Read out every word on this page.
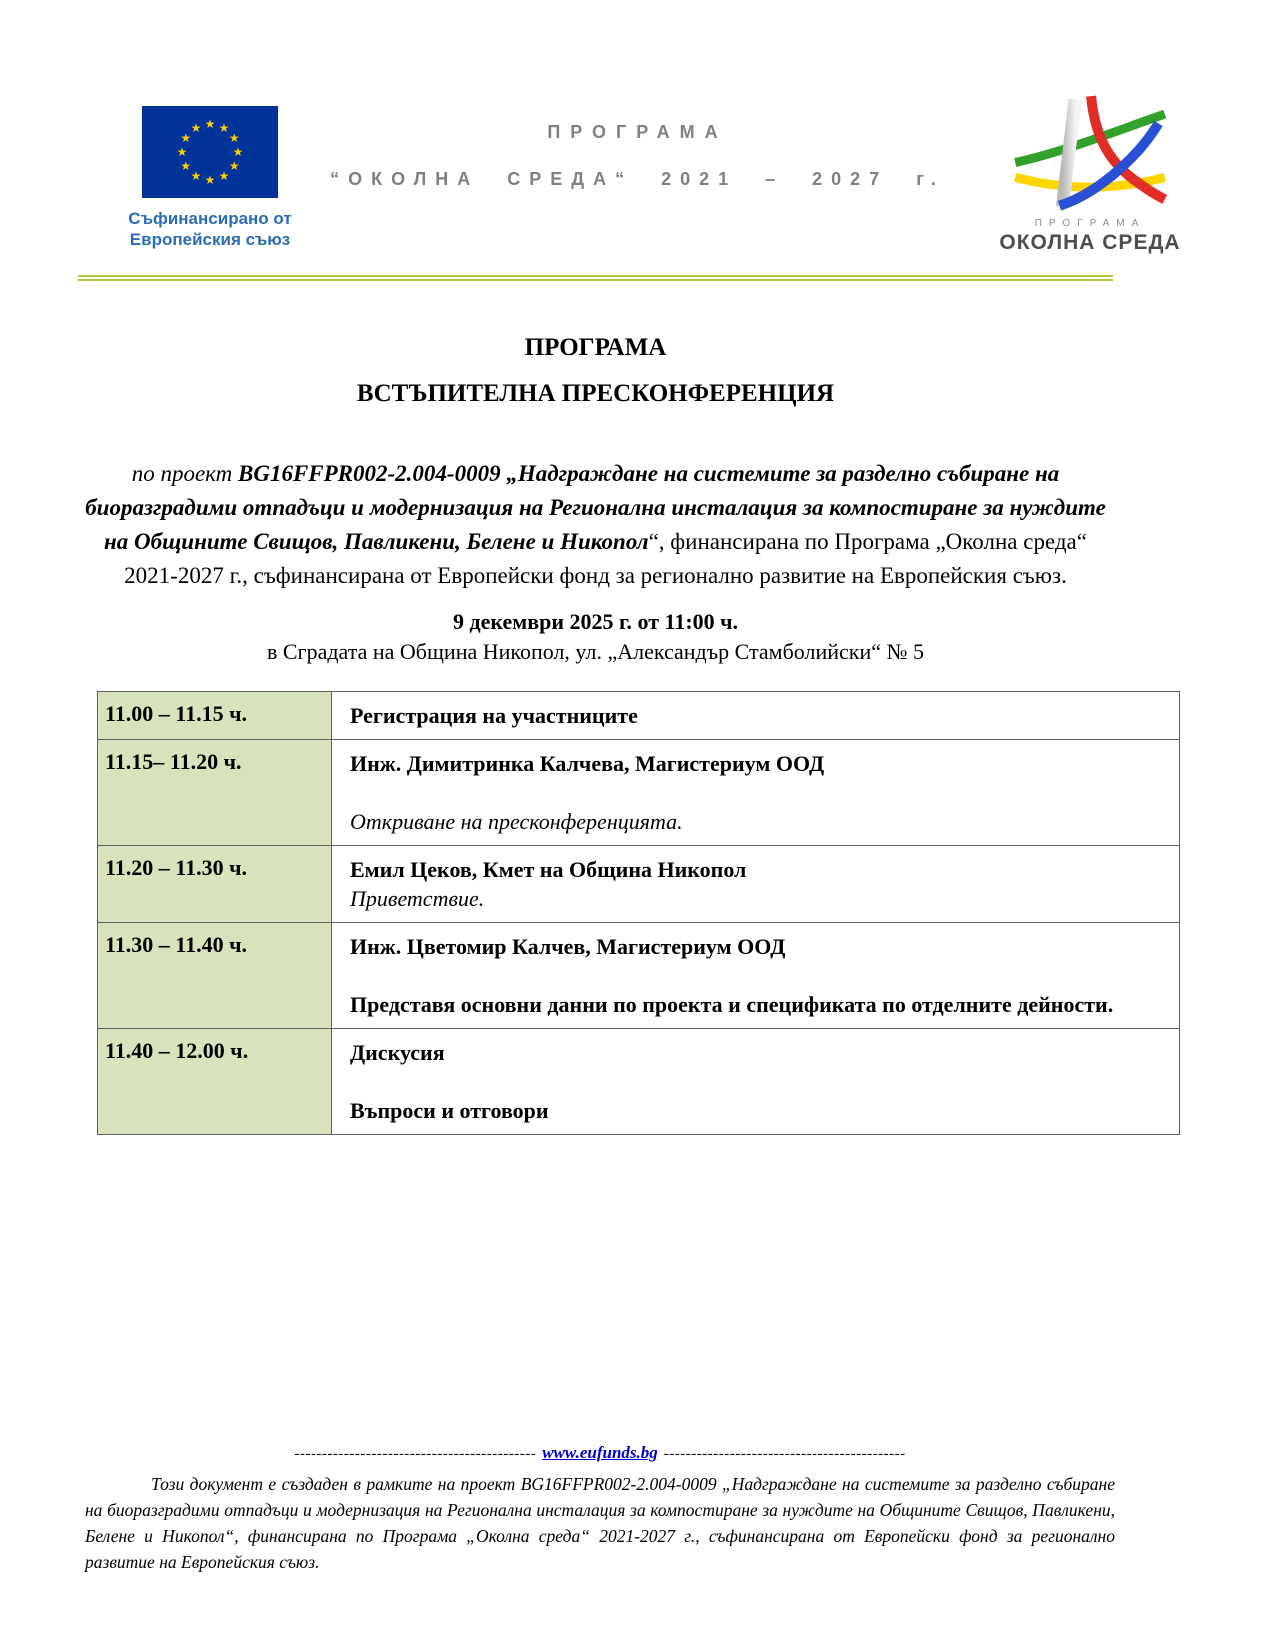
★ ★
★
★
★
★
★
★
★
★
★
★
Съфинансирано от
Европейския съюз
ПРОГРАМА
“ОКОЛНА СРЕДА“ 2021 – 2027 г.
ПРОГРАМА
ОКОЛНА СРЕДА
ПРОГРАМА
ВСТЪПИТЕЛНА ПРЕСКОНФЕРЕНЦИЯ
по проект BG16FFPR002-2.004-0009 „Надграждане на системите за разделно събиране на биоразградими отпадъци и модернизация на Регионална инсталация за компостиране за нуждите на Общините Свищов, Павликени, Белене и Никопол“, финансирана по Програма „Околна среда“ 2021-2027 г., съфинансирана от Европейски фонд за регионално развитие на Европейския съюз.
9 декември 2025 г. от 11:00 ч.
в Сградата на Община Никопол, ул. „Александър Стамболийски“ № 5
11.00 – 11.15 ч.	Регистрация на участниците

11.15– 11.20 ч.	Инж. Димитринка Калчева, Магистериум ООД

Откриване на пресконференцията.

11.20 – 11.30 ч.	Емил Цеков, Кмет на Община Никопол
Приветствие.

11.30 – 11.40 ч.	Инж. Цветомир Калчев, Магистериум ООД

Представя основни данни по проекта и спецификата по отделните дейности.

11.40 – 12.00 ч.	Дискусия

Въпроси и отговори
-------------------------------------------- www.eufunds.bg --------------------------------------------
Този документ е създаден в рамките на проект BG16FFPR002-2.004-0009 „Надграждане на системите за разделно събиране на биоразградими отпадъци и модернизация на Регионална инсталация за компостиране за нуждите на Общините Свищов, Павликени, Белене и Никопол“, финансирана по Програма „Околна среда“ 2021-2027 г., съфинансирана от Европейски фонд за регионално развитие на Европейския съюз.
